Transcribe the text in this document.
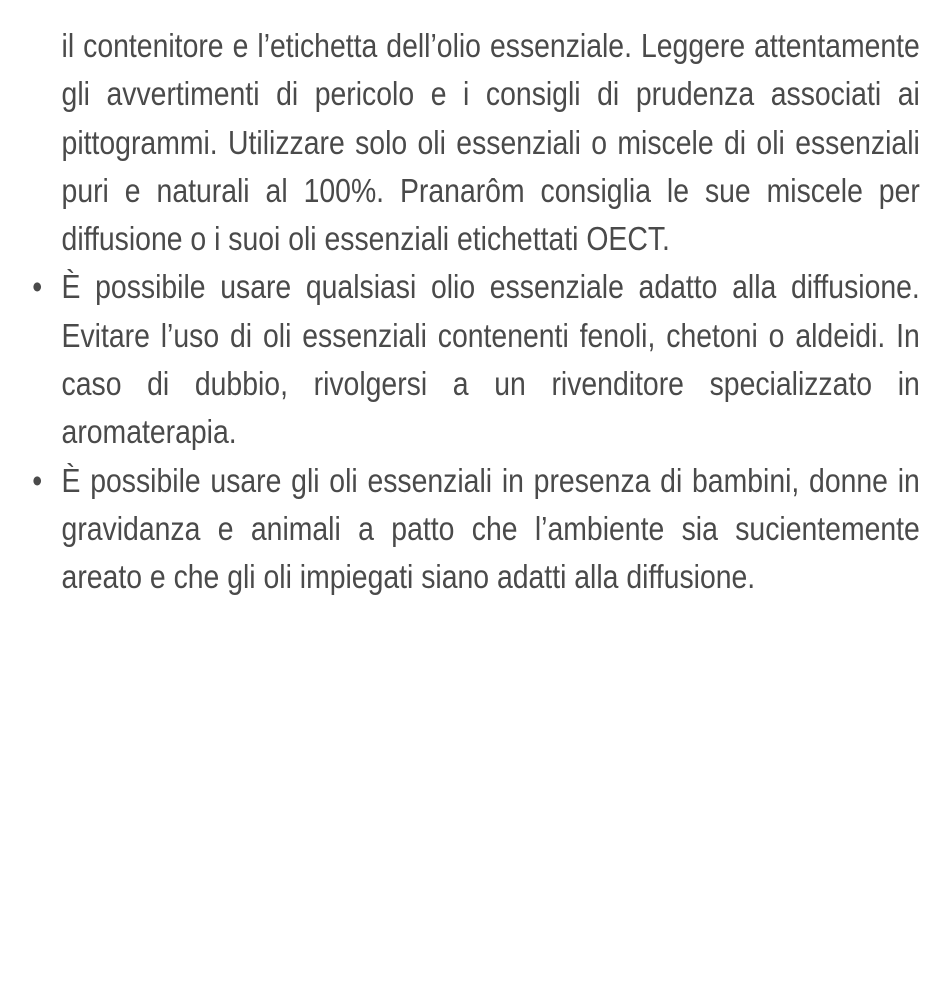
il contenitore e l’etichetta dell’olio essenziale. Leggere attentamente gli avvertimenti di pericolo e i consigli di prudenza associati ai pittogrammi. Utilizzare solo oli essenziali o miscele di oli essenziali puri e naturali al 100%. Pranarôm consiglia le sue miscele per diffusione o i suoi oli essenziali etichettati OECT.

• È possibile usare qualsiasi olio essenziale adatto alla diffusione. Evitare l’uso di oli essenziali contenenti fenoli, chetoni o aldeidi. In caso di dubbio, rivolgersi a un rivenditore specializzato in aromaterapia.
• È possibile usare gli oli essenziali in presenza di bambini, donne in gravidanza e animali a patto che l’ambiente sia sucientemente areato e che gli oli impiegati siano adatti alla diffusione.
